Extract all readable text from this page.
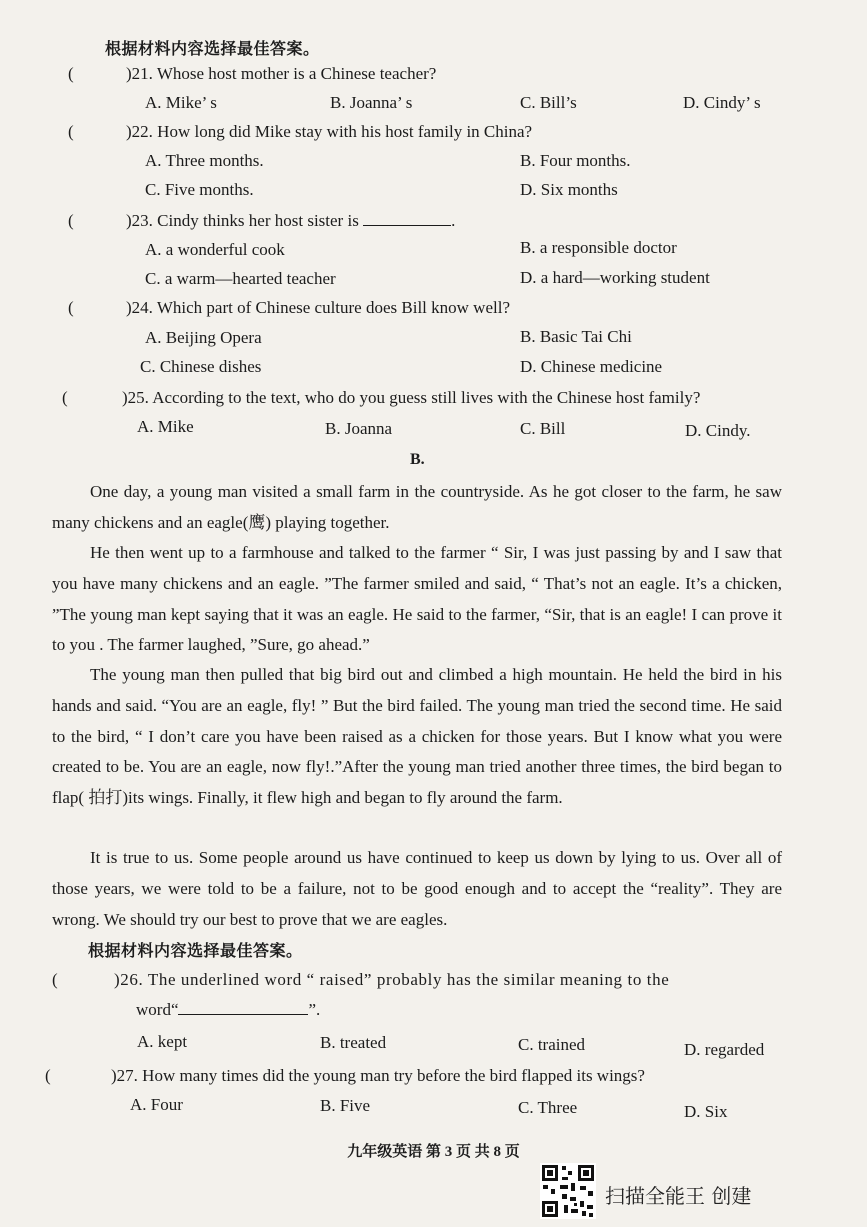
根据材料内容选择最佳答案。
(	)21. Whose host mother is a Chinese teacher?
A. Mike’ s	B. Joanna’ s	C. Bill’s	D. Cindy’ s
(	)22. How long did Mike stay with his host family in China?
A. Three months.	B. Four months.
C. Five months.	D. Six months
(	)23. Cindy thinks her host sister is	.
A. a wonderful cook	B. a responsible doctor
C. a warm—hearted teacher	D. a hard—working student
(	)24. Which part of Chinese culture does Bill know well?
A. Beijing Opera	B. Basic Tai Chi
C. Chinese dishes	D. Chinese medicine
(	)25. According to the text, who do you guess still lives with the Chinese host family?
A. Mike	B. Joanna	C. Bill	D. Cindy.
B.
One day, a young man visited a small farm in the countryside. As he got closer to the farm, he saw many chickens and an eagle(鹰) playing together.
He then went up to a farmhouse and talked to the farmer “ Sir, I was just passing by and I saw that you have many chickens and an eagle. ”The farmer smiled and said, “ That’s not an eagle. It’s a chicken, ”The young man kept saying that it was an eagle. He said to the farmer, “Sir, that is an eagle! I can prove it to you . The farmer laughed, ”Sure, go ahead.”
The young man then pulled that big bird out and climbed a high mountain. He held the bird in his hands and said. “You are an eagle, fly! ” But the bird failed. The young man tried the second time. He said to the bird, “ I don’t care you have been raised as a chicken for those years. But I know what you were created to be. You are an eagle, now fly!.”After the young man tried another three times, the bird began to flap( 拍打)its wings. Finally, it flew high and began to fly around the farm.
It is true to us. Some people around us have continued to keep us down by lying to us. Over all of those years, we were told to be a failure, not to be good enough and to accept the “reality”. They are wrong. We should try our best to prove that we are eagles.
根据材料内容选择最佳答案。
(	)26. The underlined word “ raised” probably has the similar meaning to the
word“	”.
A. kept	B. treated	C. trained	D. regarded
(	)27. How many times did the young man try before the bird flapped its wings?
A. Four	B. Five	C. Three	D. Six
九年级英语 第 3 页 共 8 页
扫描全能王 创建
